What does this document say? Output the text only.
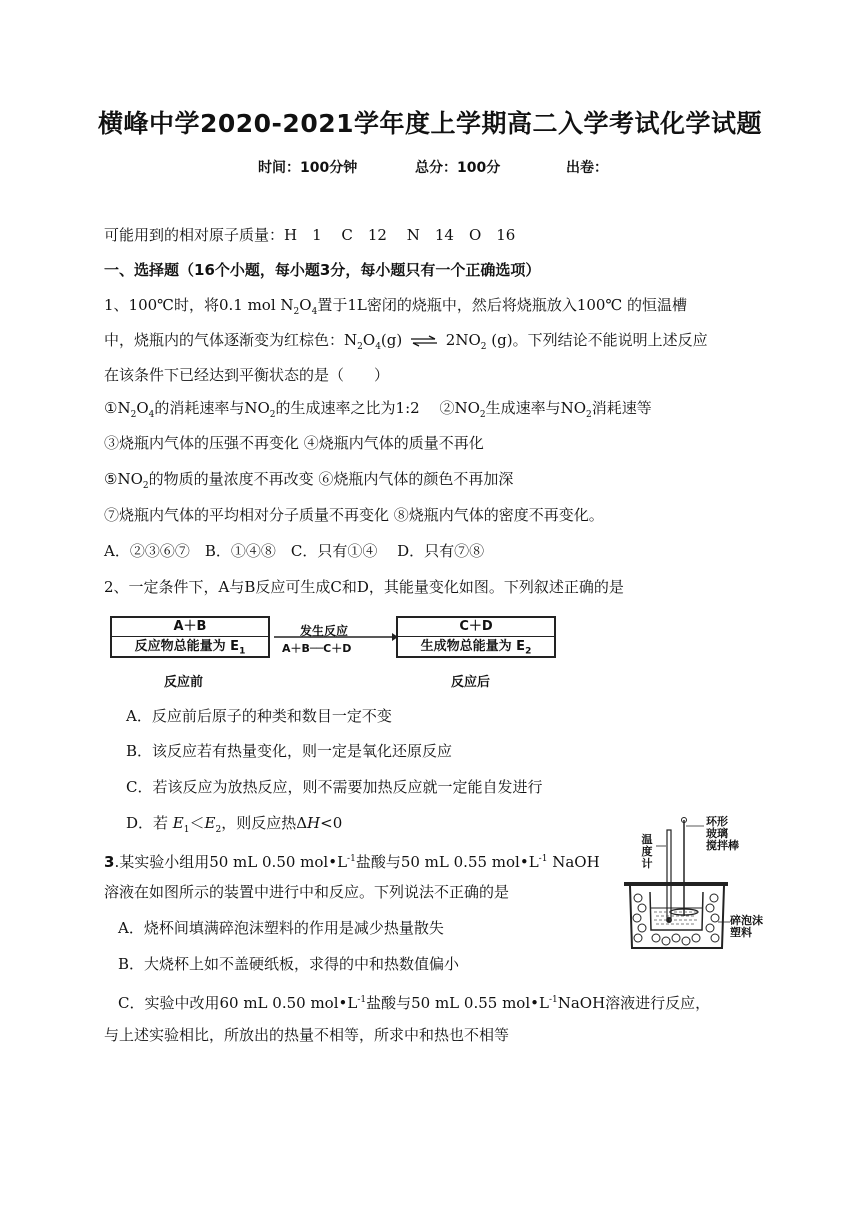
横峰中学2020-2021学年度上学期高二入学考试化学试题
时间：100分钟	总分：100分	出卷：
可能用到的相对原子质量：H　1　 C　12　 N　14　O　16
一、选择题（16个小题，每小题3分，每小题只有一个正确选项）
1、100℃时，将0.1 mol $N_2O_4$置于1L密闭的烧瓶中，然后将烧瓶放入100℃ 的恒温槽
中，烧瓶内的气体逐渐变为红棕色：$N_2O_4(g)$ ⇌ $2NO_2$ (g)。下列结论不能说明上述反应
在该条件下已经达到平衡状态的是（　　）
$①N_2O_4$的消耗速率与$NO_2$的生成速率之比为1:2　 $②NO_2$生成速率与$NO_2$消耗速等
③烧瓶内气体的压强不再变化 ④烧瓶内气体的质量不再化
$⑤NO_2$的物质的量浓度不再改变 ⑥烧瓶内气体的颜色不再加深
⑦烧瓶内气体的平均相对分子质量不再变化 ⑧烧瓶内气体的密度不再变化。
A．②③⑥⑦　B．①④⑧　C．只有①④　 D．只有⑦⑧
2、一定条件下，A与B反应可生成C和D，其能量变化如图。下列叙述正确的是
A＋B
反应物总能量为 $E_1$
发生反应
A＋B──C＋D
C＋D
生成物总能量为 $E_2$
反应前	反应后
A．反应前后原子的种类和数目一定不变
B．该反应若有热量变化，则一定是氧化还原反应
C．若该反应为放热反应，则不需要加热反应就一定能自发进行
D．若 $E_1<E_2$，则反应热ΔH<0
3.某实验小组用50 mL 0.50 $mol•L^{-1}$盐酸与50 mL 0.55 $mol•L^{-1}$ NaOH
溶液在如图所示的装置中进行中和反应。下列说法不正确的是
A．烧杯间填满碎泡沫塑料的作用是减少热量散失
B．大烧杯上如不盖硬纸板，求得的中和热数值偏小
C．实验中改用60 mL 0.50 $mol•L^{-1}$盐酸与50 mL 0.55 $mol•L^{-1}NaOH$溶液进行反应，
与上述实验相比，所放出的热量不相等，所求中和热也不相等
温
度
计
环形
玻璃
搅拌棒
碎泡沫
塑料
